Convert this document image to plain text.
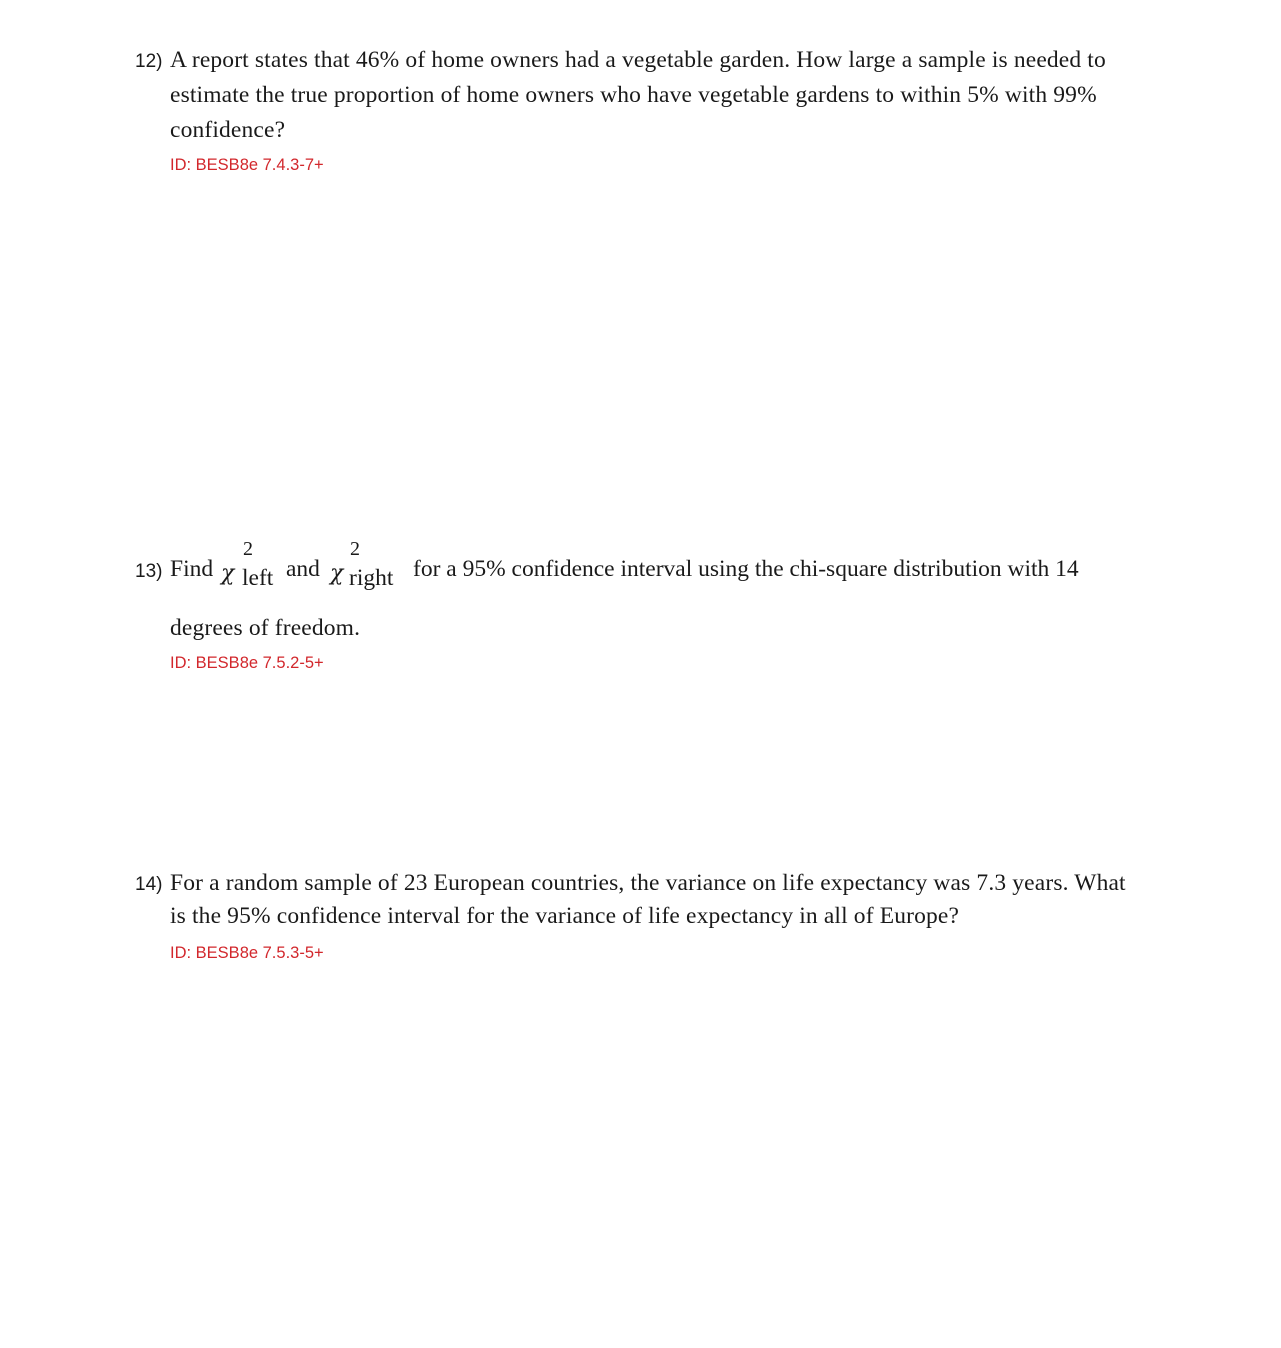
12) A report states that 46% of home owners had a vegetable garden. How large a sample is needed to
estimate the true proportion of home owners who have vegetable gardens to within 5% with 99%
confidence?
ID: BESB8e 7.4.3-7+
13) Find χ
2
left and χ
2
right for a 95% confidence interval using the chi-square distribution with 14
degrees of freedom.
ID: BESB8e 7.5.2-5+
14) For a random sample of 23 European countries, the variance on life expectancy was 7.3 years. What
is the 95% confidence interval for the variance of life expectancy in all of Europe?
ID: BESB8e 7.5.3-5+
